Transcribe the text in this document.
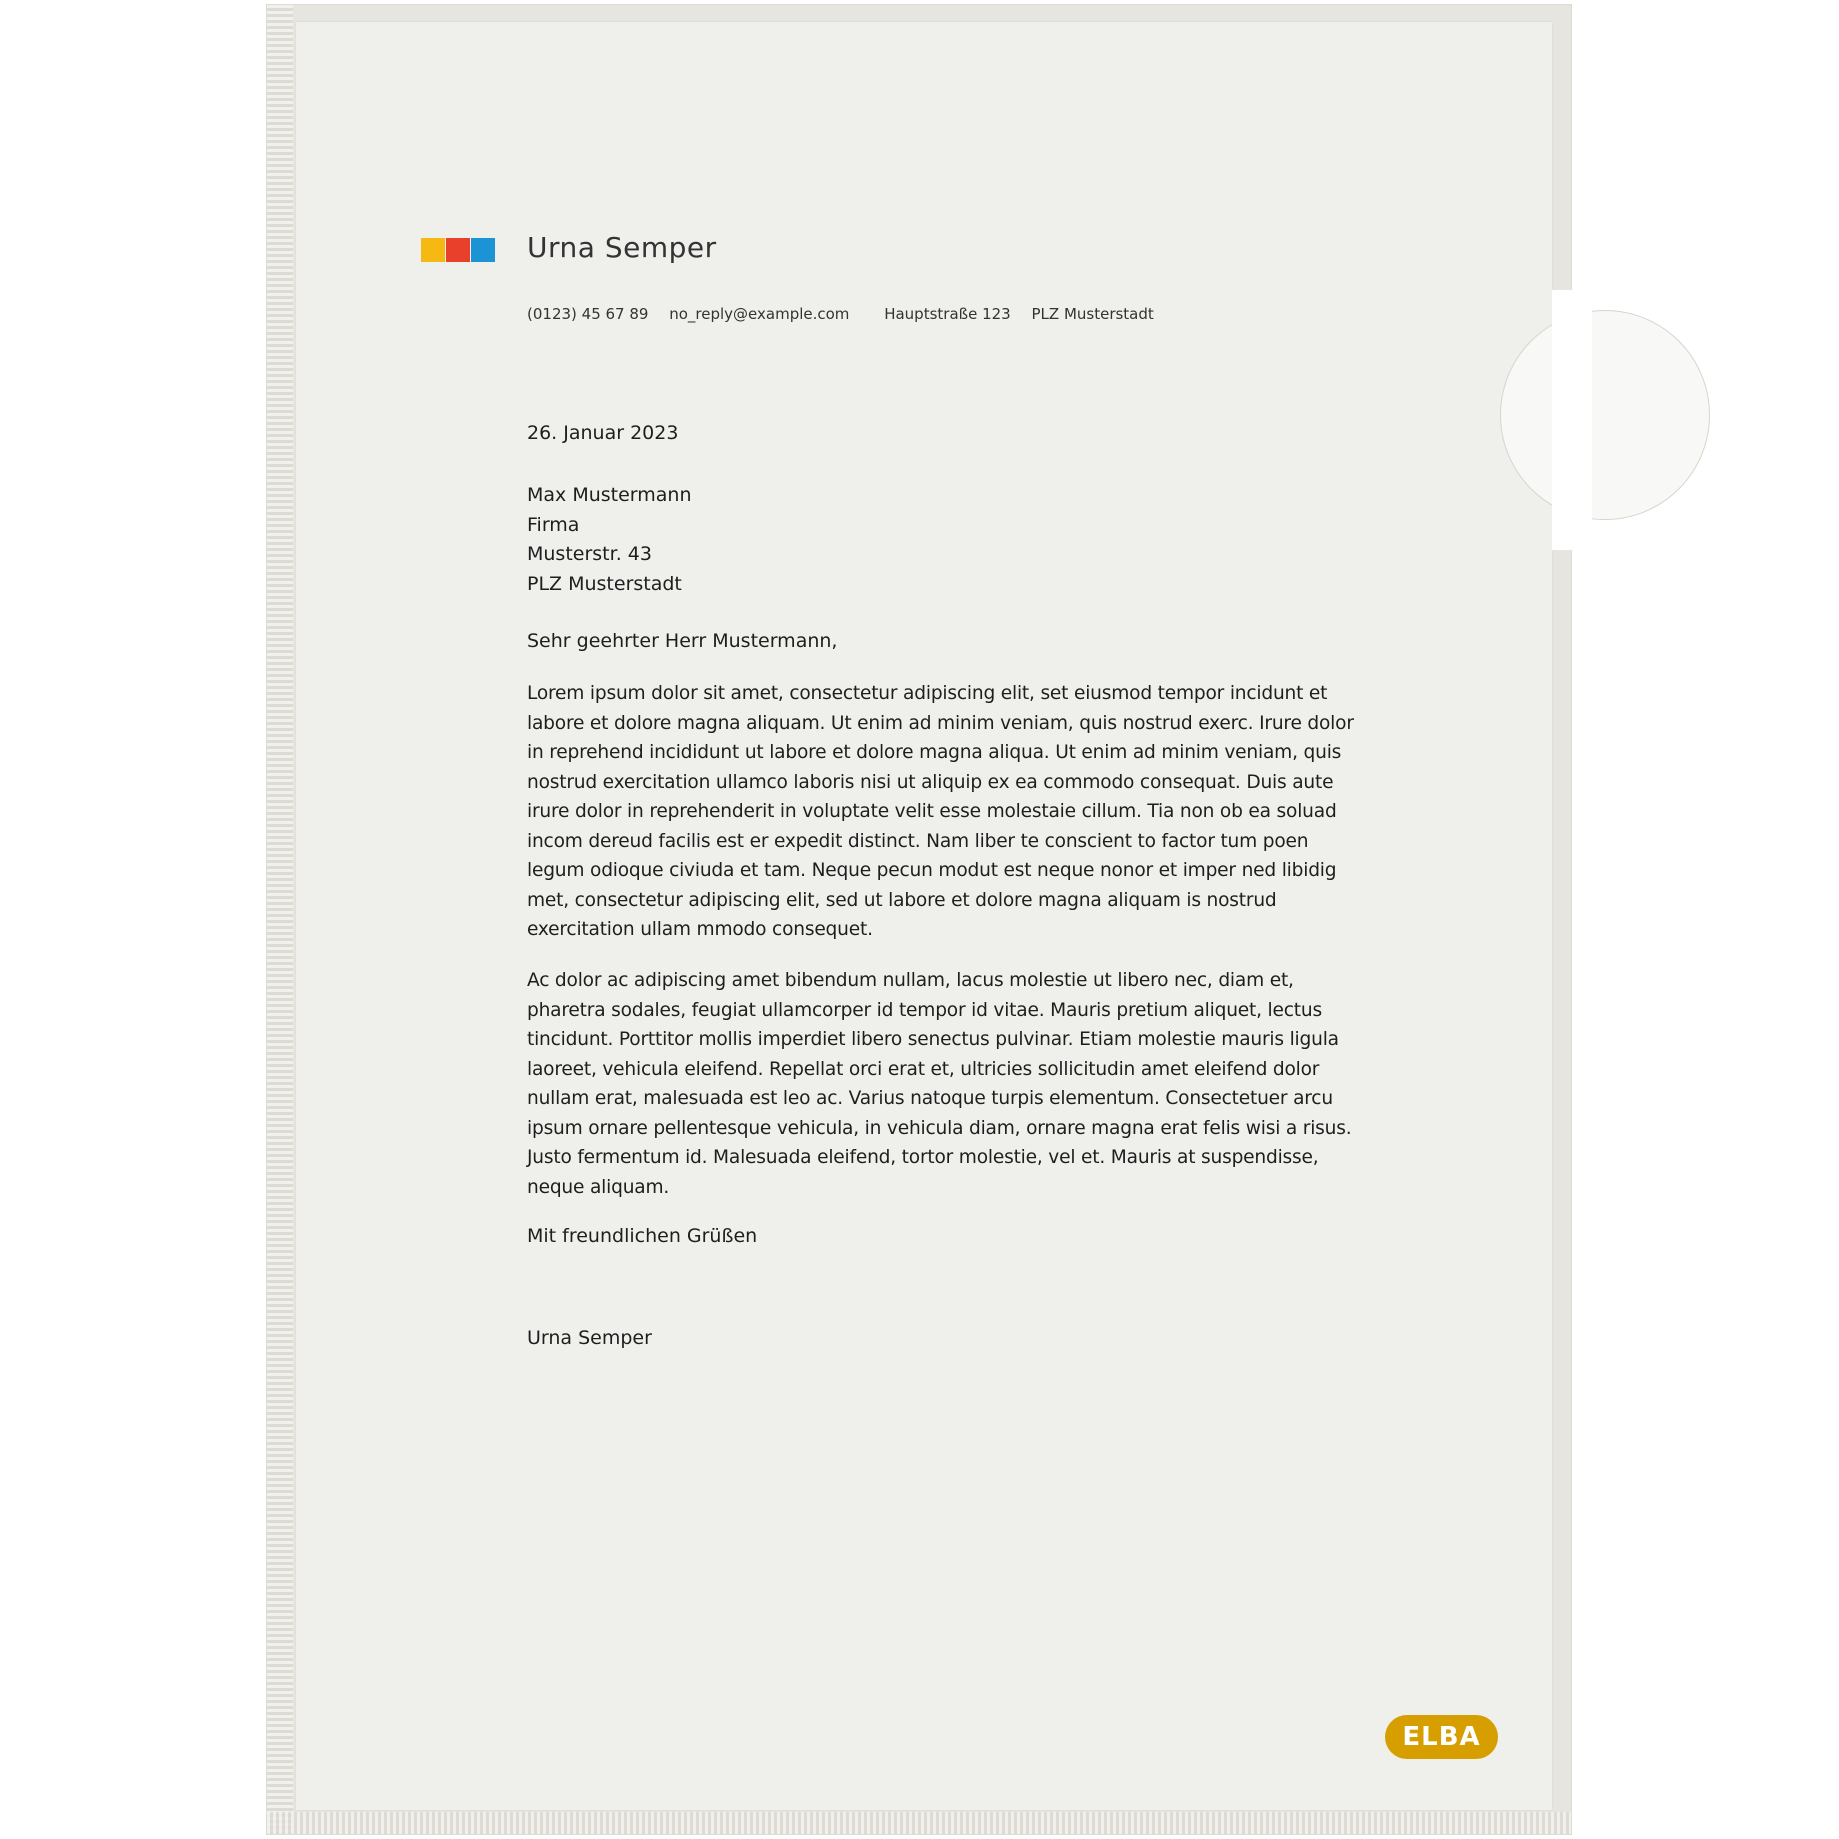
Urna Semper
(0123) 45 67 89 no_reply@example.com Hauptstraße 123 PLZ Musterstadt
26. Januar 2023
Max Mustermann
Firma
Musterstr. 43
PLZ Musterstadt
Sehr geehrter Herr Mustermann,
Lorem ipsum dolor sit amet, consectetur adipiscing elit, set eiusmod tempor incidunt et labore et dolore magna aliquam. Ut enim ad minim veniam, quis nostrud exerc. Irure dolor in reprehend incididunt ut labore et dolore magna aliqua. Ut enim ad minim veniam, quis nostrud exercitation ullamco laboris nisi ut aliquip ex ea commodo consequat. Duis aute irure dolor in reprehenderit in voluptate velit esse molestaie cillum. Tia non ob ea soluad incom dereud facilis est er expedit distinct. Nam liber te conscient to factor tum poen legum odioque civiuda et tam. Neque pecun modut est neque nonor et imper ned libidig met, consectetur adipiscing elit, sed ut labore et dolore magna aliquam is nostrud exercitation ullam mmodo consequet.
Ac dolor ac adipiscing amet bibendum nullam, lacus molestie ut libero nec, diam et, pharetra sodales, feugiat ullamcorper id tempor id vitae. Mauris pretium aliquet, lectus tincidunt. Porttitor mollis imperdiet libero senectus pulvinar. Etiam molestie mauris ligula laoreet, vehicula eleifend. Repellat orci erat et, ultricies sollicitudin amet eleifend dolor nullam erat, malesuada est leo ac. Varius natoque turpis elementum. Consectetuer arcu ipsum ornare pellentesque vehicula, in vehicula diam, ornare magna erat felis wisi a risus. Justo fermentum id. Malesuada eleifend, tortor molestie, vel et. Mauris at suspendisse, neque aliquam.
Mit freundlichen Grüßen
Urna Semper
ELBA
